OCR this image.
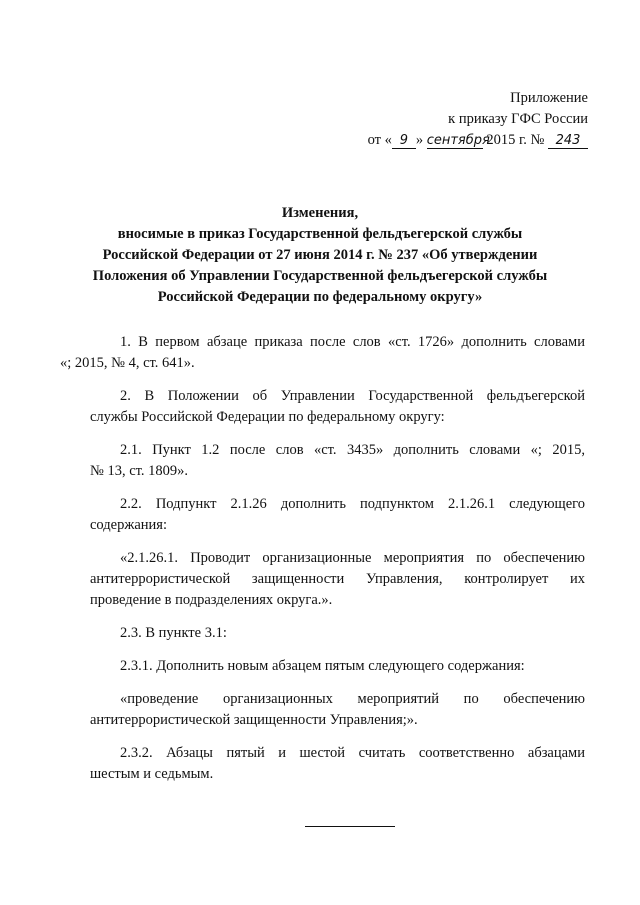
Приложение
к приказу ГФС России
от « 9 » сентября 2015 г. № 243
Изменения,
вносимые в приказ Государственной фельдъегерской службы
Российской Федерации от 27 июня 2014 г. № 237 «Об утверждении
Положения об Управлении Государственной фельдъегерской службы
Российской Федерации по федеральному округу»

1. В первом абзаце приказа после слов «ст. 1726» дополнить словами
«; 2015, № 4, ст. 641».

2. В Положении об Управлении Государственной фельдъегерской
службы Российской Федерации по федеральному округу:

2.1. Пункт 1.2 после слов «ст. 3435» дополнить словами «; 2015,
№ 13, ст. 1809».

2.2. Подпункт 2.1.26 дополнить подпунктом 2.1.26.1 следующего
содержания:

«2.1.26.1. Проводит организационные мероприятия по обеспечению
антитеррористической защищенности Управления, контролирует их
проведение в подразделениях округа.».

2.3. В пункте 3.1:

2.3.1. Дополнить новым абзацем пятым следующего содержания:

«проведение организационных мероприятий по обеспечению
антитеррористической защищенности Управления;».

2.3.2. Абзацы пятый и шестой считать соответственно абзацами
шестым и седьмым.
